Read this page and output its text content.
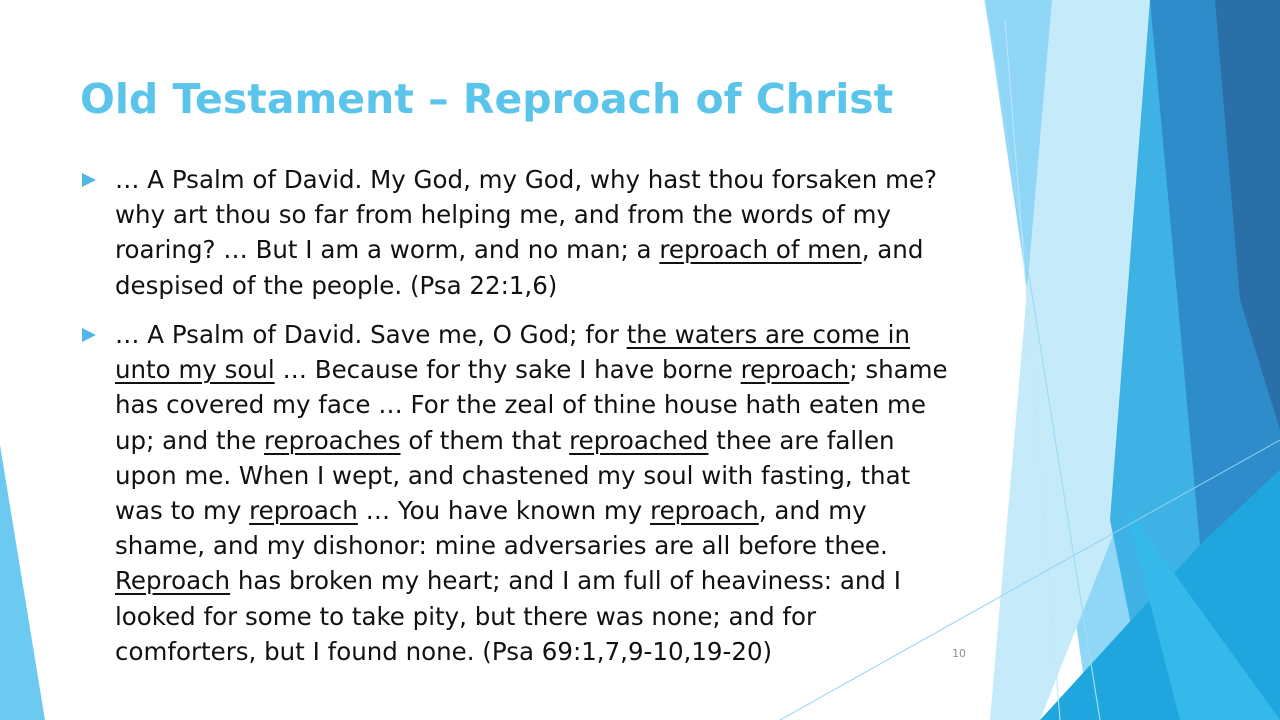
Old Testament – Reproach of Christ

… A Psalm of David. My God, my God, why hast thou forsaken me?
why art thou so far from helping me, and from the words of my
roaring? … But I am a worm, and no man; a reproach of men, and
despised of the people. (Psa 22:1,6)

… A Psalm of David. Save me, O God; for the waters are come in
unto my soul … Because for thy sake I have borne reproach; shame
has covered my face … For the zeal of thine house hath eaten me
up; and the reproaches of them that reproached thee are fallen
upon me. When I wept, and chastened my soul with fasting, that
was to my reproach … You have known my reproach, and my
shame, and my dishonor: mine adversaries are all before thee.
Reproach has broken my heart; and I am full of heaviness: and I
looked for some to take pity, but there was none; and for
comforters, but I found none. (Psa 69:1,7,9-10,19-20)	10
